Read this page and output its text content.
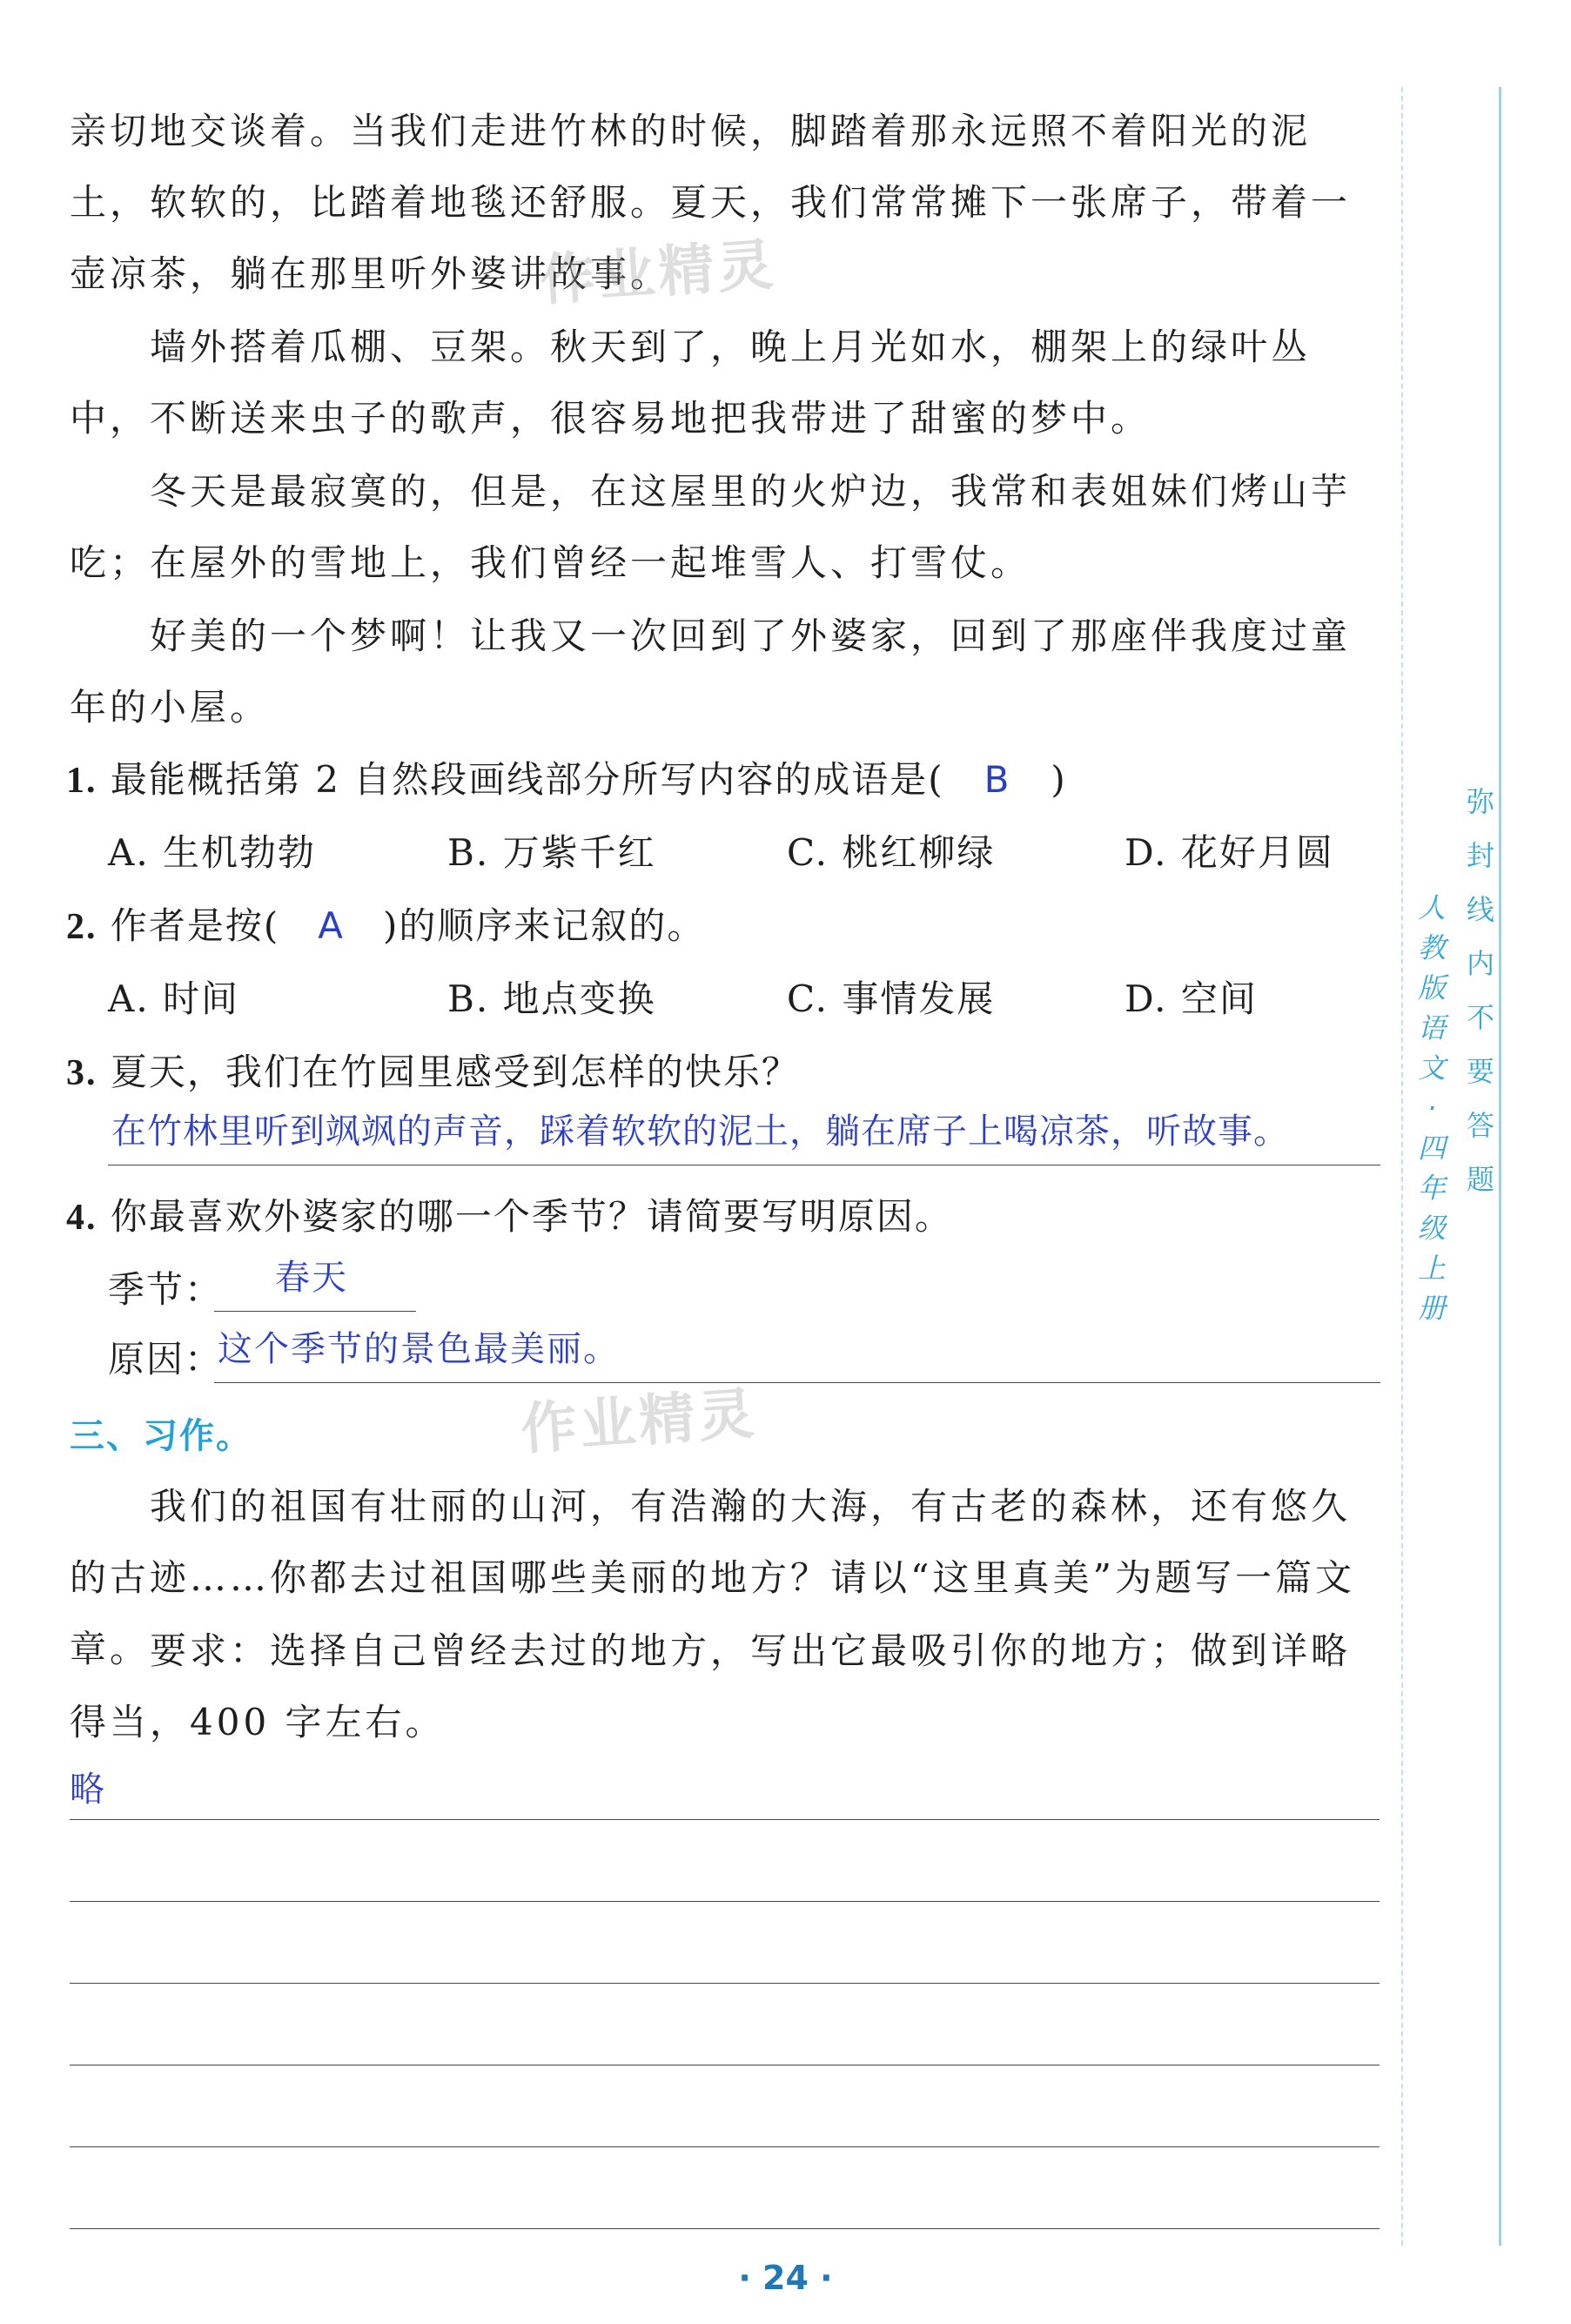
亲切地交谈着。当我们走进竹林的时候，脚踏着那永远照不着阳光的泥土，软软的，比踏着地毯还舒服。夏天，我们常常摊下一张席子，带着一壶凉茶，躺在那里听外婆讲故事。

墙外搭着瓜棚、豆架。秋天到了，晚上月光如水，棚架上的绿叶丛中，不断送来虫子的歌声，很容易地把我带进了甜蜜的梦中。

冬天是最寂寞的，但是，在这屋里的火炉边，我常和表姐妹们烤山芋吃；在屋外的雪地上，我们曾经一起堆雪人、打雪仗。

好美的一个梦啊！让我又一次回到了外婆家，回到了那座伴我度过童年的小屋。

作业精灵
1. 最能概括第 2 自然段画线部分所写内容的成语是( B )
A. 生机勃勃	B. 万紫千红	C. 桃红柳绿	D. 花好月圆
2. 作者是按( A )的顺序来记叙的。
A. 时间	B. 地点变换	C. 事情发展	D. 空间
3. 夏天，我们在竹园里感受到怎样的快乐？
在竹林里听到飒飒的声音，踩着软软的泥土，躺在席子上喝凉茶，听故事。
4. 你最喜欢外婆家的哪一个季节？请简要写明原因。
季节： 春天
原因：
这个季节的景色最美丽。
作业精灵
三、习作。

我们的祖国有壮丽的山河，有浩瀚的大海，有古老的森林，还有悠久的古迹……你都去过祖国哪些美丽的地方？请以“这里真美”为题写一篇文章。 要求：选择自己曾经去过的地方，写出它最吸引你的地方；做到详略得当，400 字左右。

略
人
教
版
语
文
·
四
年
级
上
册
弥
封
线
内
不
要
答
题
· 24 ·
